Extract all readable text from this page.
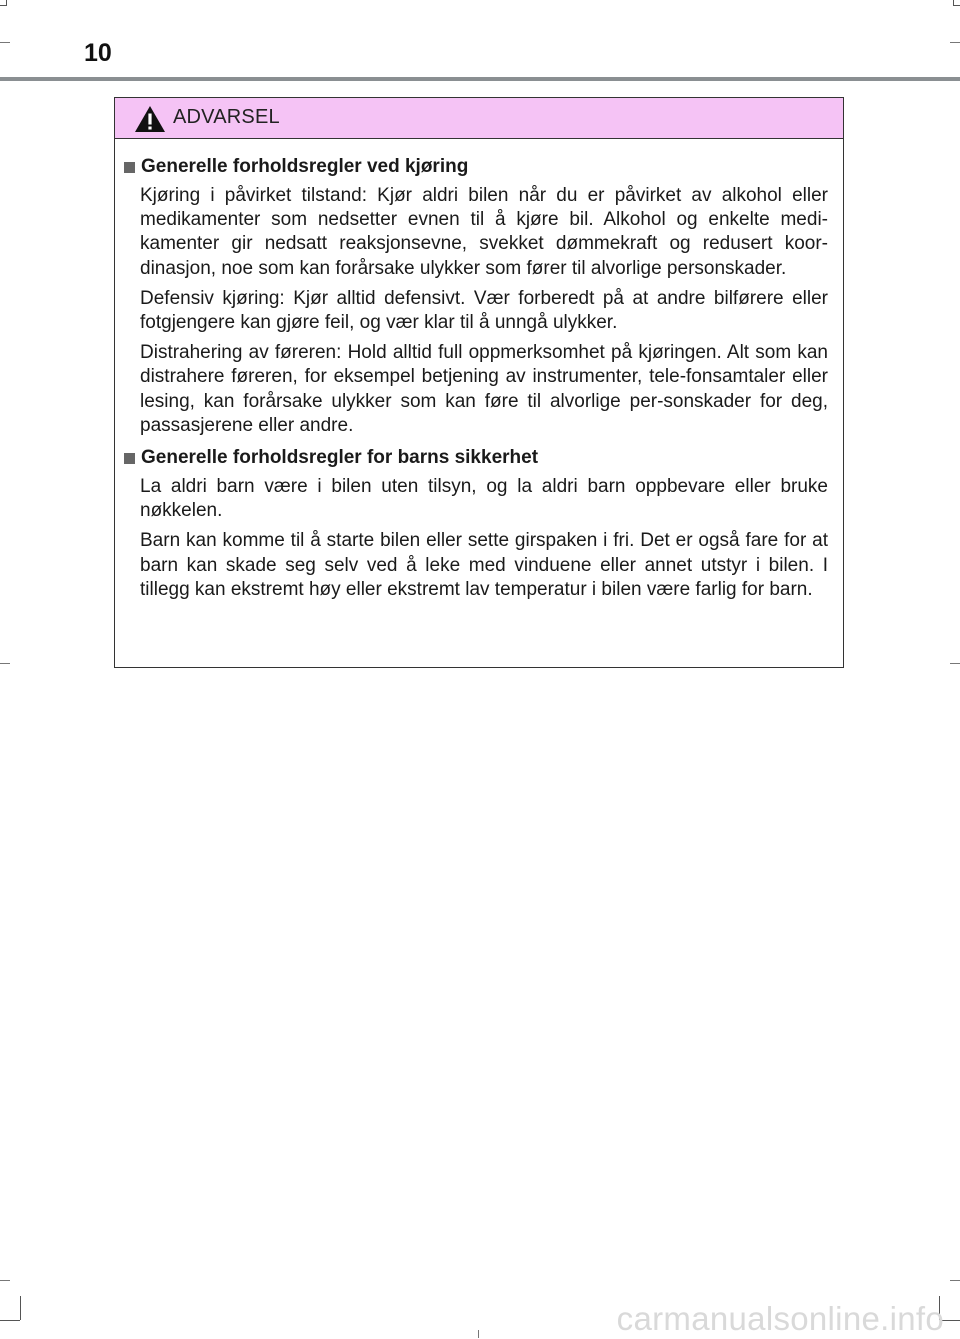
10
ADVARSEL
Generelle forholdsregler ved kjøring

Kjøring i påvirket tilstand: Kjør aldri bilen når du er påvirket av alkohol eller medikamenter som nedsetter evnen til å kjøre bil. Alkohol og enkelte medi-kamenter gir nedsatt reaksjonsevne, svekket dømmekraft og redusert koor-dinasjon, noe som kan forårsake ulykker som fører til alvorlige personskader.

Defensiv kjøring: Kjør alltid defensivt. Vær forberedt på at andre bilførere eller fotgjengere kan gjøre feil, og vær klar til å unngå ulykker.

Distrahering av føreren: Hold alltid full oppmerksomhet på kjøringen. Alt som kan distrahere føreren, for eksempel betjening av instrumenter, tele-fonsamtaler eller lesing, kan forårsake ulykker som kan føre til alvorlige per-sonskader for deg, passasjerene eller andre.

Generelle forholdsregler for barns sikkerhet

La aldri barn være i bilen uten tilsyn, og la aldri barn oppbevare eller bruke nøkkelen.

Barn kan komme til å starte bilen eller sette girspaken i fri. Det er også fare for at barn kan skade seg selv ved å leke med vinduene eller annet utstyr i bilen. I tillegg kan ekstremt høy eller ekstremt lav temperatur i bilen være farlig for barn.

carmanualsonline.info
